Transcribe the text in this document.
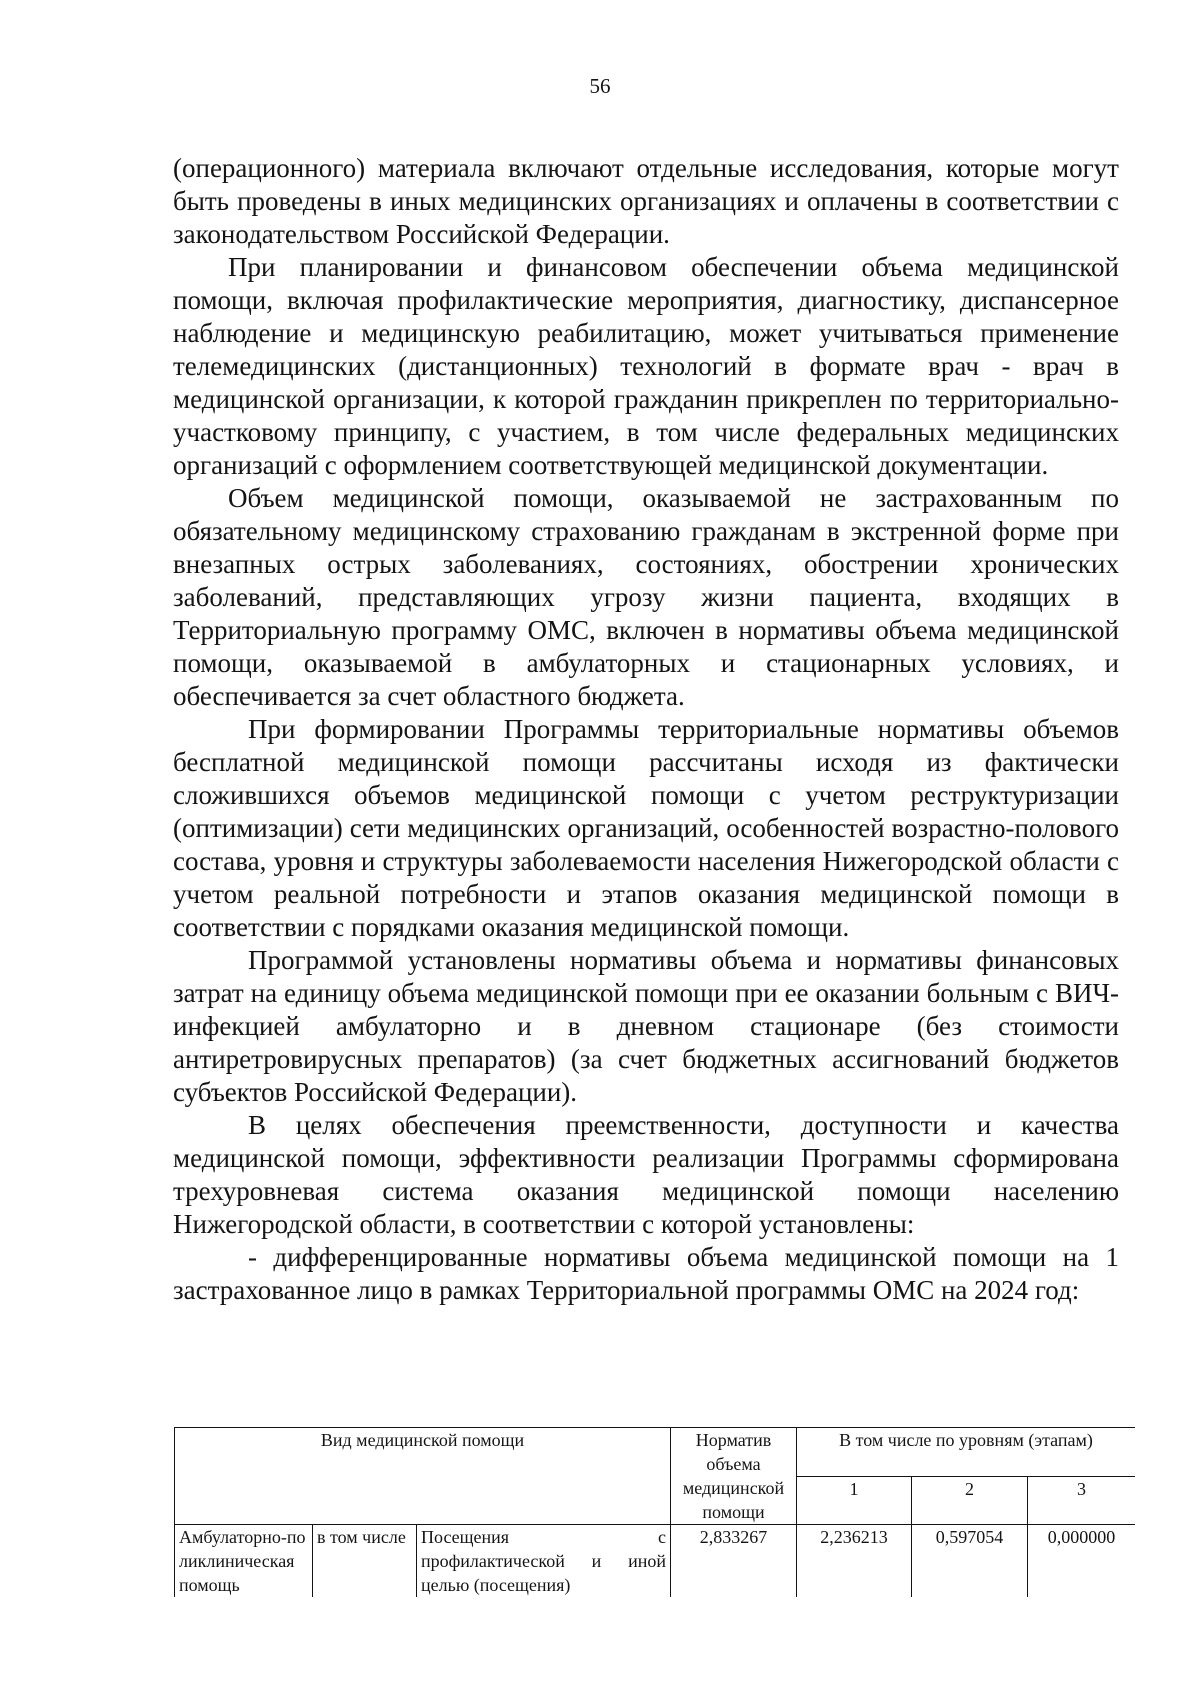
56

(операционного) материала включают отдельные исследования, которые могут быть проведены в иных медицинских организациях и оплачены в соответствии с законодательством Российской Федерации.

При планировании и финансовом обеспечении объема медицинской помощи, включая профилактические мероприятия, диагностику, диспансерное наблюдение и медицинскую реабилитацию, может учитываться применение телемедицинских (дистанционных) технологий в формате врач - врач в медицинской организации, к которой гражданин прикреплен по территориально-участковому принципу, с участием, в том числе федеральных медицинских организаций с оформлением соответствующей медицинской документации.

Объем медицинской помощи, оказываемой не застрахованным по обязательному медицинскому страхованию гражданам в экстренной форме при внезапных острых заболеваниях, состояниях, обострении хронических заболеваний, представляющих угрозу жизни пациента, входящих в Территориальную программу ОМС, включен в нормативы объема медицинской помощи, оказываемой в амбулаторных и стационарных условиях, и обеспечивается за счет областного бюджета.

При формировании Программы территориальные нормативы объемов бесплатной медицинской помощи рассчитаны исходя из фактически сложившихся объемов медицинской помощи с учетом реструктуризации (оптимизации) сети медицинских организаций, особенностей возрастно-полового состава, уровня и структуры заболеваемости населения Нижегородской области с учетом реальной потребности и этапов оказания медицинской помощи в соответствии с порядками оказания медицинской помощи.

Программой установлены нормативы объема и нормативы финансовых затрат на единицу объема медицинской помощи при ее оказании больным с ВИЧ-инфекцией амбулаторно и в дневном стационаре (без стоимости антиретровирусных препаратов) (за счет бюджетных ассигнований бюджетов субъектов Российской Федерации).

В целях обеспечения преемственности, доступности и качества медицинской помощи, эффективности реализации Программы сформирована трехуровневая система оказания медицинской помощи населению Нижегородской области, в соответствии с которой установлены:

- дифференцированные нормативы объема медицинской помощи на 1 застрахованное лицо в рамках Территориальной программы ОМС на 2024 год:

Вид медицинской помощи			Норматив объема медицинской помощи	В том числе по уровням (этапам)		
				1	2	3
Амбулаторно-поликлиническая помощь	в том числе	Посещения с профилактической и иной целью (посещения)	2,833267	2,236213	0,597054	0,000000
